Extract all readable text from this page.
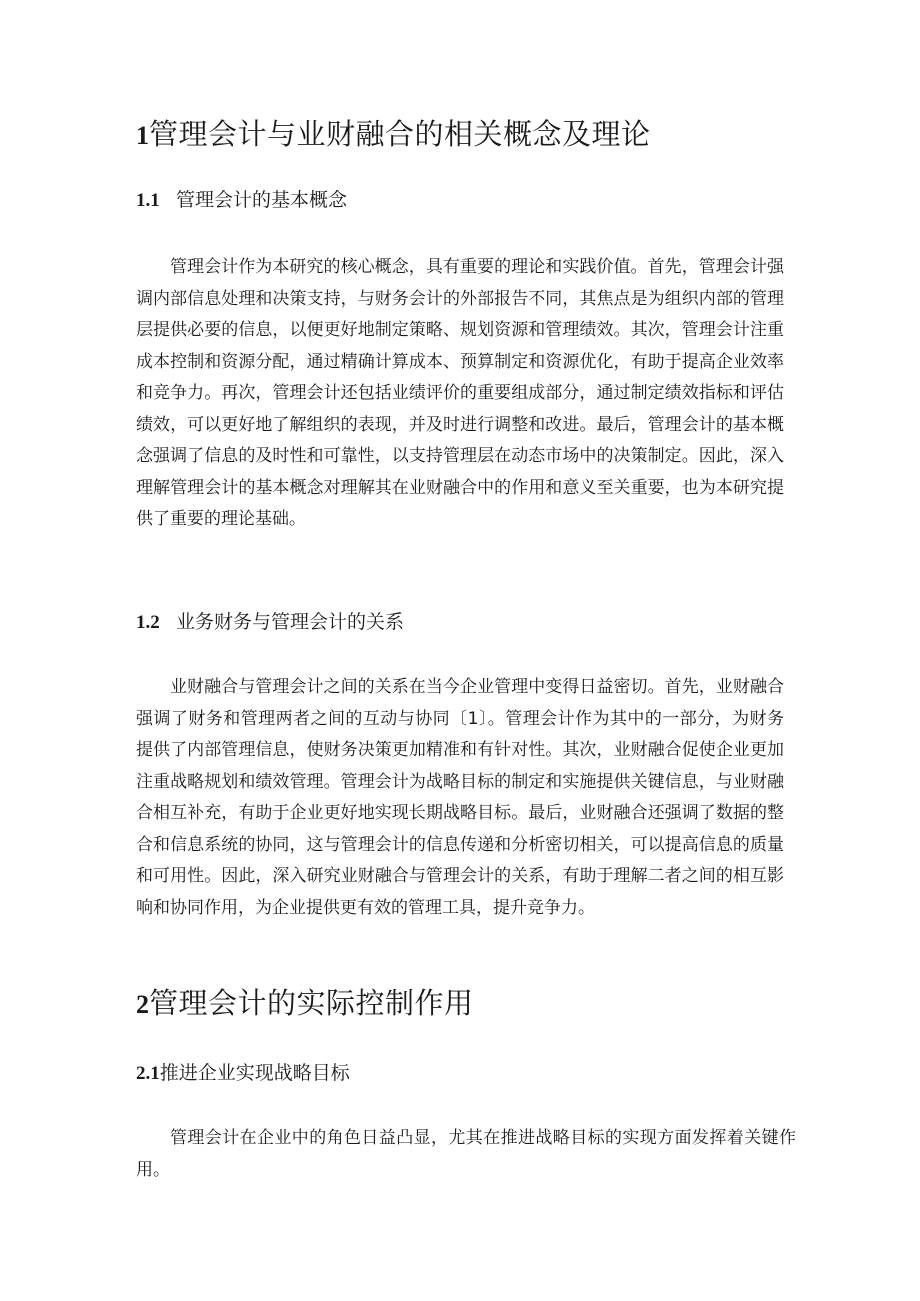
1管理会计与业财融合的相关概念及理论
1.1 管理会计的基本概念

管理会计作为本研究的核心概念，具有重要的理论和实践价值。首先，管理会计强调内部信息处理和决策支持，与财务会计的外部报告不同，其焦点是为组织内部的管理层提供必要的信息，以便更好地制定策略、规划资源和管理绩效。其次，管理会计注重成本控制和资源分配，通过精确计算成本、预算制定和资源优化，有助于提高企业效率和竞争力。再次，管理会计还包括业绩评价的重要组成部分，通过制定绩效指标和评估绩效，可以更好地了解组织的表现，并及时进行调整和改进。最后，管理会计的基本概念强调了信息的及时性和可靠性，以支持管理层在动态市场中的决策制定。因此，深入理解管理会计的基本概念对理解其在业财融合中的作用和意义至关重要，也为本研究提供了重要的理论基础。

1.2 业务财务与管理会计的关系

业财融合与管理会计之间的关系在当今企业管理中变得日益密切。首先，业财融合强调了财务和管理两者之间的互动与协同〔1〕。管理会计作为其中的一部分，为财务提供了内部管理信息，使财务决策更加精准和有针对性。其次，业财融合促使企业更加注重战略规划和绩效管理。管理会计为战略目标的制定和实施提供关键信息，与业财融合相互补充，有助于企业更好地实现长期战略目标。最后，业财融合还强调了数据的整合和信息系统的协同，这与管理会计的信息传递和分析密切相关，可以提高信息的质量和可用性。因此，深入研究业财融合与管理会计的关系，有助于理解二者之间的相互影响和协同作用，为企业提供更有效的管理工具，提升竞争力。

2管理会计的实际控制作用
2.1推进企业实现战略目标

管理会计在企业中的角色日益凸显，尤其在推进战略目标的实现方面发挥着关键作用。
